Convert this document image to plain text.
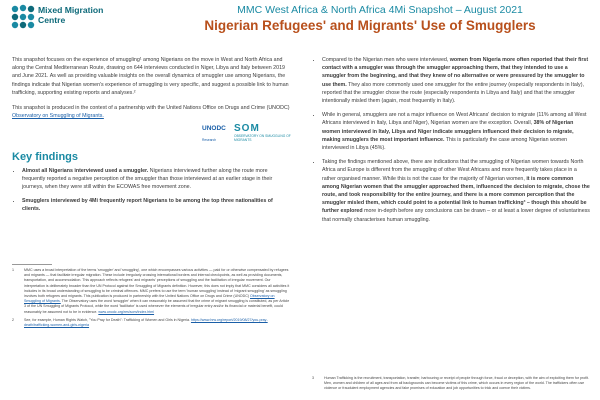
Mixed Migration Centre
MMC West Africa & North Africa 4Mi Snapshot – August 2021
Nigerian Refugees' and Migrants' Use of Smugglers

This snapshot focuses on the experience of smuggling¹ among Nigerians on the move in West and North Africa and along the Central Mediterranean Route, drawing on 644 interviews conducted in Niger, Libya and Italy between 2019 and June 2021. As well as providing valuable insights on the overall dynamics of smuggler use among Nigerians, the findings indicate that Nigerian women's experience of smuggling is very specific, and suggest a possible link to human trafficking, supporting existing reports and analyses.²

This snapshot is produced in the context of a partnership with the United Nations Office on Drugs and Crime (UNODC) Observatory on Smuggling of Migrants.

UNODC
Research
SOM
OBSERVATORY ON SMUGGLING OF MIGRANTS
Key findings
• Almost all Nigerians interviewed used a smuggler. Nigerians interviewed further along the route more frequently reported a negative perception of the smuggler than those interviewed at an earlier stage in their journeys, when they were still within the ECOWAS free movement zone.
• Smugglers interviewed by 4Mi frequently report Nigerians to be among the top three nationalities of clients.
1	MMC uses a broad interpretation of the terms 'smuggler' and 'smuggling', one which encompasses various activities — paid for or otherwise compensated by refugees and migrants — that facilitate irregular migration. These include irregularly crossing international borders and internal checkpoints, as well as providing documents, transportation, and accommodation. This approach reflects refugees' and migrants' perceptions of smuggling and the facilitation of irregular movement. Our interpretation is deliberately broader than the UN Protocol against the Smuggling of Migrants definition. However, this does not imply that MMC considers all activities it includes in its broad understanding of smuggling to be criminal offences. MMC prefers to use the term 'human smuggling' instead of 'migrant smuggling' as smuggling involves both refugees and migrants. This publication is produced in partnership with the United Nations Office on Drugs and Crime (UNODC) Observatory on Smuggling of Migrants. The Observatory uses the word 'smuggler' when it can reasonably be assumed that the crime of migrant smuggling is constituted, as per Article 3 of the UN Smuggling of Migrants Protocol, while the word 'facilitator' is used whenever the elements of irregular entry and/or its financial or material benefit, could reasonably be assumed not to be in evidence. www.unodc.org/res/som/index.html
2	See, for example, Human Rights Watch, "You Pray for Death": Trafficking of Women and Girls in Nigeria. https://www.hrw.org/report/2019/08/27/you-pray-death/trafficking-women-and-girls-nigeria
• Compared to the Nigerian men who were interviewed, women from Nigeria more often reported that their first contact with a smuggler was through the smuggler approaching them, that they intended to use a smuggler from the beginning, and that they knew of no alternative or were pressured by the smuggler to use them. They also more commonly used one smuggler for the entire journey (especially respondents in Italy), reported that the smuggler chose the route (especially respondents in Libya and Italy) and that the smuggler intentionally misled them (again, most frequently in Italy).
• While in general, smugglers are not a major influence on West Africans' decision to migrate (11% among all West Africans interviewed in Italy, Libya and Niger), Nigerian women are the exception. Overall, 38% of Nigerian women interviewed in Italy, Libya and Niger indicate smugglers influenced their decision to migrate, making smugglers the most important influence. This is particularly the case among Nigerian women interviewed in Libya (45%).
• Taking the findings mentioned above, there are indications that the smuggling of Nigerian women towards North Africa and Europe is different from the smuggling of other West Africans and more frequently takes place in a rather organised manner. While this is not the case for the majority of Nigerian women, it is more common among Nigerian women that the smuggler approached them, influenced the decision to migrate, chose the route, and took responsibility for the entire journey, and there is a more common perception that the smuggler misled them, which could point to a potential link to human trafficking³ – though this should be further explored more in-depth before any conclusions can be drawn – or at least a lower degree of voluntariness that normally characterises human smuggling.
3	Human Trafficking is the recruitment, transportation, transfer, harbouring or receipt of people through force, fraud or deception, with the aim of exploiting them for profit. Men, women and children of all ages and from all backgrounds can become victims of this crime, which occurs in every region of the world. The traffickers often use violence or fraudulent employment agencies and fake promises of education and job opportunities to trick and coerce their victims.
